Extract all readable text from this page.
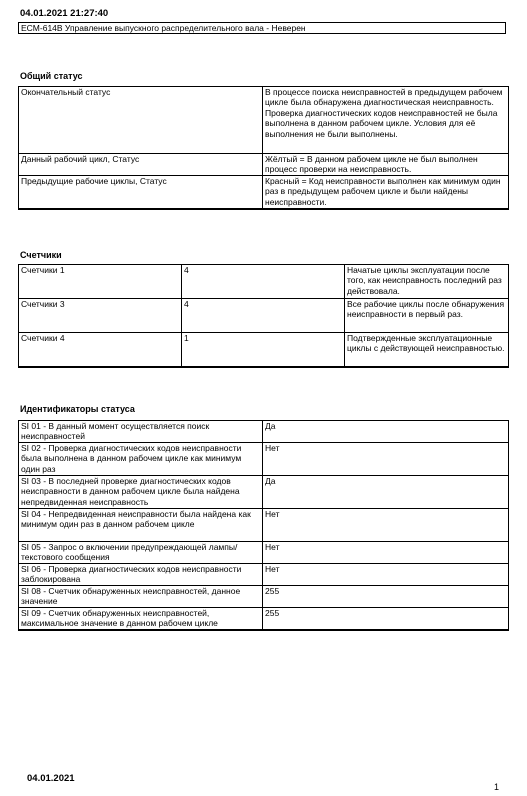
04.01.2021 21:27:40
ECM-614B Управление выпускного распределительного вала - Неверен
Общий статус
Окончательный статус	В процессе поиска неисправностей в предыдущем рабочем цикле была обнаружена диагностическая неисправность. Проверка диагностических кодов неисправностей не была выполнена в данном рабочем цикле. Условия для её выполнения не были выполнены.
Данный рабочий цикл, Статус	Жёлтый = В данном рабочем цикле не был выполнен процесс проверки на неисправность.
Предыдущие рабочие циклы, Статус	Красный = Код неисправности выполнен как минимум один раз в предыдущем рабочем цикле и были найдены неисправности.
Счетчики
Счетчики 1	4	Начатые циклы эксплуатации после того, как неисправность последний раз действовала.
Счетчики 3	4	Все рабочие циклы после обнаружения неисправности в первый раз.
Счетчики 4	1	Подтвержденные эксплуатационные циклы с действующей неисправностью.
Идентификаторы статуса
SI 01 - В данный момент осуществляется поиск неисправностей	Да
SI 02 - Проверка диагностических кодов неисправности была выполнена в данном рабочем цикле как минимум один раз	Нет
SI 03 - В последней проверке диагностических кодов неисправности в данном рабочем цикле была найдена непредвиденная неисправность	Да
SI 04 - Непредвиденная неисправности была найдена как минимум один раз в данном рабочем цикле	Нет
SI 05 - Запрос о включении предупреждающей лампы/ текстового сообщения	Нет
SI 06 - Проверка диагностических кодов неисправности заблокирована	Нет
SI 08 - Счетчик обнаруженных неисправностей, данное значение	255
SI 09 - Счетчик обнаруженных неисправностей, максимальное значение в данном рабочем цикле	255
04.01.2021
1
